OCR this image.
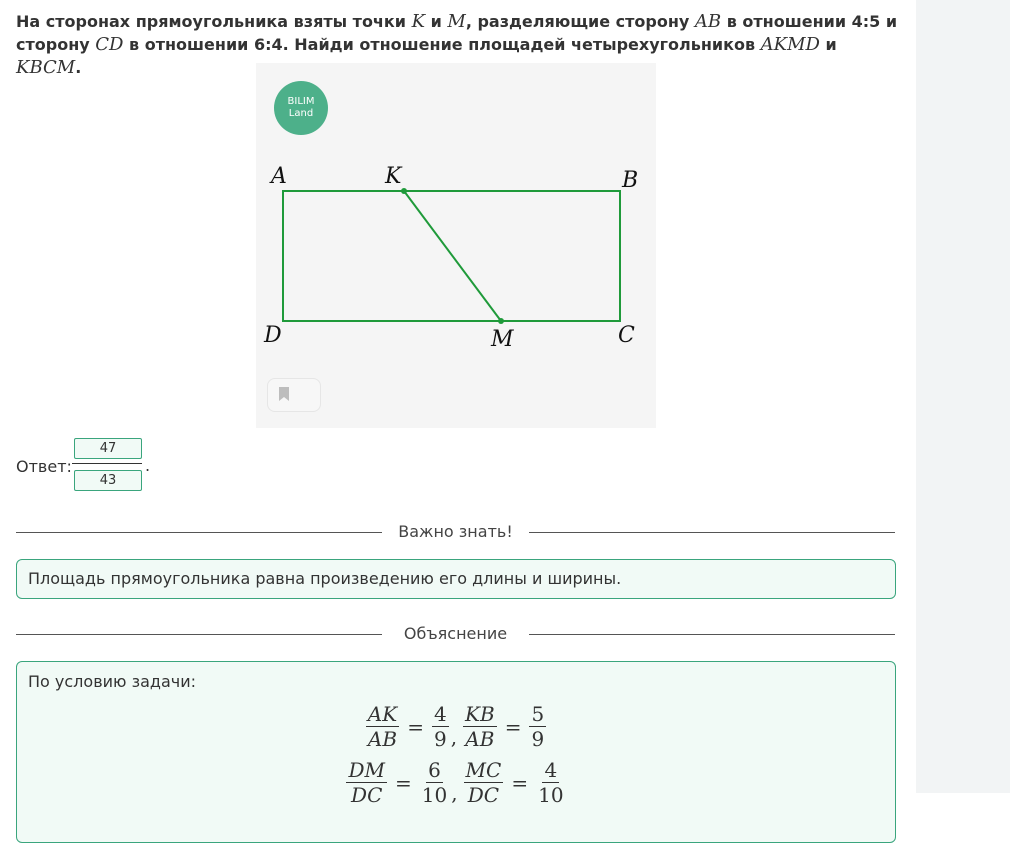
На сторонах прямоугольника взяты точки K и M, разделяющие сторону AB в отношении 4:5 и сторону CD в отношении 6:4. Найди отношение площадей четырехугольников AKMD и KBCM.
BILIM
Land
A	K	B
D	M	C
Ответ:
$\frac{47}{43}$
.
Важно знать!
Площадь прямоугольника равна произведению его длины и ширины.
Объяснение
По условию задачи:
$\frac{AK}{AB} = \frac{4}{9}$ , $\frac{KB}{AB} = \frac{5}{9}$
$\frac{DM}{DC} = \frac{6}{10}$ , $\frac{MC}{DC} = \frac{4}{10}$
